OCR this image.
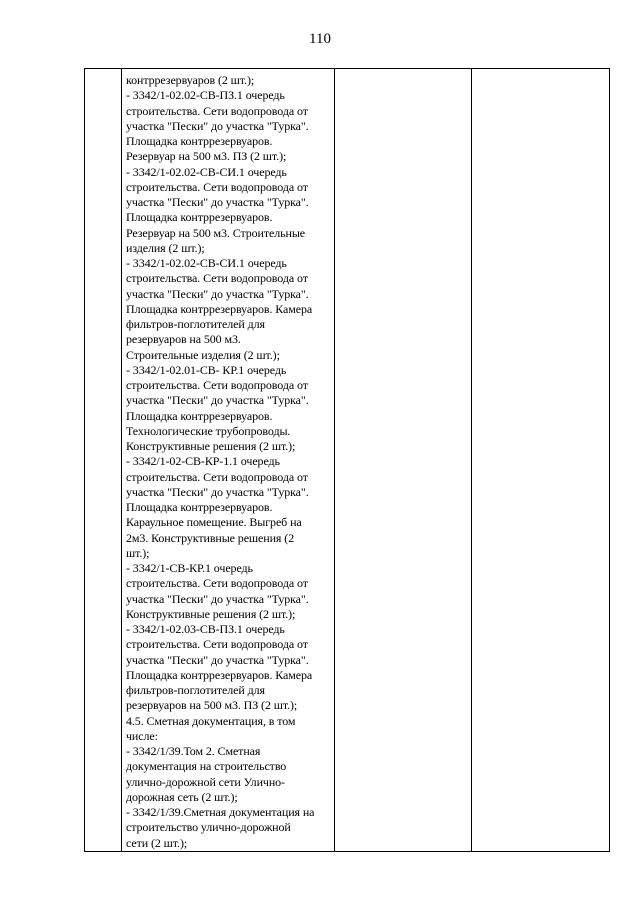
110

контррезервуаров (2 шт.);
- 3342/1-02.02-СВ-ПЗ.1 очередь
строительства. Сети водопровода от
участка "Пески" до участка "Турка".
Площадка контррезервуаров.
Резервуар на 500 м3. ПЗ (2 шт.);
- 3342/1-02.02-СВ-СИ.1 очередь
строительства. Сети водопровода от
участка "Пески" до участка "Турка".
Площадка контррезервуаров.
Резервуар на 500 м3. Строительные
изделия (2 шт.);
- 3342/1-02.02-СВ-СИ.1 очередь
строительства. Сети водопровода от
участка "Пески" до участка "Турка".
Площадка контррезервуаров. Камера
фильтров-поглотителей для
резервуаров на 500 м3.
Строительные изделия (2 шт.);
- 3342/1-02.01-СВ- КР.1 очередь
строительства. Сети водопровода от
участка "Пески" до участка "Турка".
Площадка контррезервуаров.
Технологические трубопроводы.
Конструктивные решения (2 шт.);
- 3342/1-02-СВ-КР-1.1 очередь
строительства. Сети водопровода от
участка "Пески" до участка "Турка".
Площадка контррезервуаров.
Караульное помещение. Выгреб на
2м3. Конструктивные решения (2
шт.);
- 3342/1-СВ-КР.1 очередь
строительства. Сети водопровода от
участка "Пески" до участка "Турка".
Конструктивные решения (2 шт.);
- 3342/1-02.03-СВ-ПЗ.1 очередь
строительства. Сети водопровода от
участка "Пески" до участка "Турка".
Площадка контррезервуаров. Камера
фильтров-поглотителей для
резервуаров на 500 м3. ПЗ (2 шт.);
4.5. Сметная документация, в том
числе:
- 3342/1/39.Том 2. Сметная
документация на строительство
улично-дорожной сети Улично-
дорожная сеть (2 шт.);
- 3342/1/39.Сметная документация на
строительство улично-дорожной
сети (2 шт.);
